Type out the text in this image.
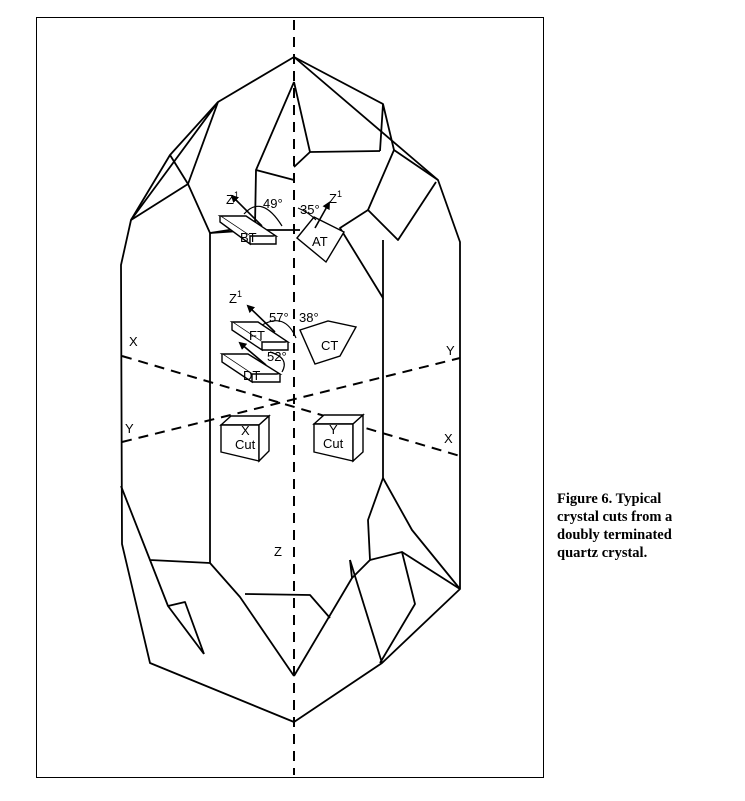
$Z^1$
49° 35°
$Z^1$
BT	AT
$Z^1$
57° 38°
FT
CT
52°
DT
X
Y
Y
X
X
Cut
Y
Cut
Z
Figure 6. Typical
crystal cuts from a
doubly terminated
quartz crystal.
